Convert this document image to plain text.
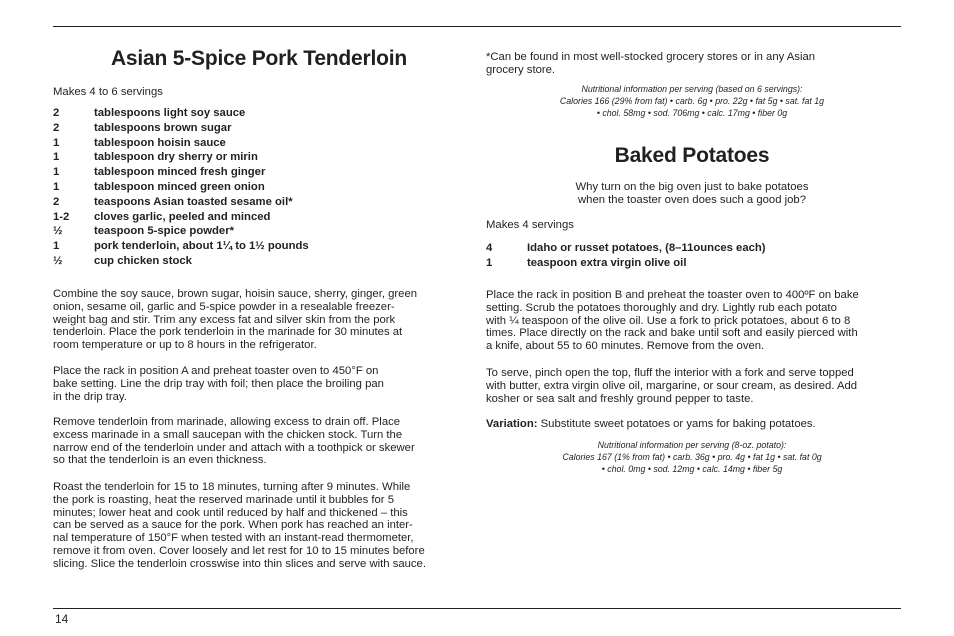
14
Asian 5-Spice Pork Tenderloin
Makes 4 to 6 servings
2	tablespoons light soy sauce
2	tablespoons brown sugar
1	tablespoon hoisin sauce
1	tablespoon dry sherry or mirin
1	tablespoon minced fresh ginger
1	tablespoon minced green onion
2	teaspoons Asian toasted sesame oil*
1-2	cloves garlic, peeled and minced
½	teaspoon 5-spice powder*
1	pork tenderloin, about 1¼ to 1½ pounds
½	cup chicken stock
Combine the soy sauce, brown sugar, hoisin sauce, sherry, ginger, green
onion, sesame oil, garlic and 5-spice powder in a resealable freezer-
weight bag and stir. Trim any excess fat and silver skin from the pork
tenderloin. Place the pork tenderloin in the marinade for 30 minutes at
room temperature or up to 8 hours in the refrigerator.
Place the rack in position A and preheat toaster oven to 450°F on
bake setting. Line the drip tray with foil; then place the broiling pan
in the drip tray.
Remove tenderloin from marinade, allowing excess to drain off. Place
excess marinade in a small saucepan with the chicken stock. Turn the
narrow end of the tenderloin under and attach with a toothpick or skewer
so that the tenderloin is an even thickness.
Roast the tenderloin for 15 to 18 minutes, turning after 9 minutes. While
the pork is roasting, heat the reserved marinade until it bubbles for 5
minutes; lower heat and cook until reduced by half and thickened – this
can be served as a sauce for the pork. When pork has reached an inter-
nal temperature of 150°F when tested with an instant-read thermometer,
remove it from oven. Cover loosely and let rest for 10 to 15 minutes before
slicing. Slice the tenderloin crosswise into thin slices and serve with sauce.
*Can be found in most well-stocked grocery stores or in any Asian
grocery store.
Nutritional information per serving (based on 6 servings):
Calories 166 (29% from fat) • carb. 6g • pro. 22g • fat 5g • sat. fat 1g
• chol. 58mg • sod. 706mg • calc. 17mg • fiber 0g
Baked Potatoes
Why turn on the big oven just to bake potatoes
when the toaster oven does such a good job?
Makes 4 servings
4	Idaho or russet potatoes, (8–11ounces each)
1	teaspoon extra virgin olive oil
Place the rack in position B and preheat the toaster oven to 400ºF on bake
setting. Scrub the potatoes thoroughly and dry. Lightly rub each potato
with ¼ teaspoon of the olive oil. Use a fork to prick potatoes, about 6 to 8
times. Place directly on the rack and bake until soft and easily pierced with
a knife, about 55 to 60 minutes. Remove from the oven.
To serve, pinch open the top, fluff the interior with a fork and serve topped
with butter, extra virgin olive oil, margarine, or sour cream, as desired. Add
kosher or sea salt and freshly ground pepper to taste.
Variation: Substitute sweet potatoes or yams for baking potatoes.
Nutritional information per serving (8-oz. potato):
Calories 167 (1% from fat) • carb. 36g • pro. 4g • fat 1g • sat. fat 0g
• chol. 0mg • sod. 12mg • calc. 14mg • fiber 5g
